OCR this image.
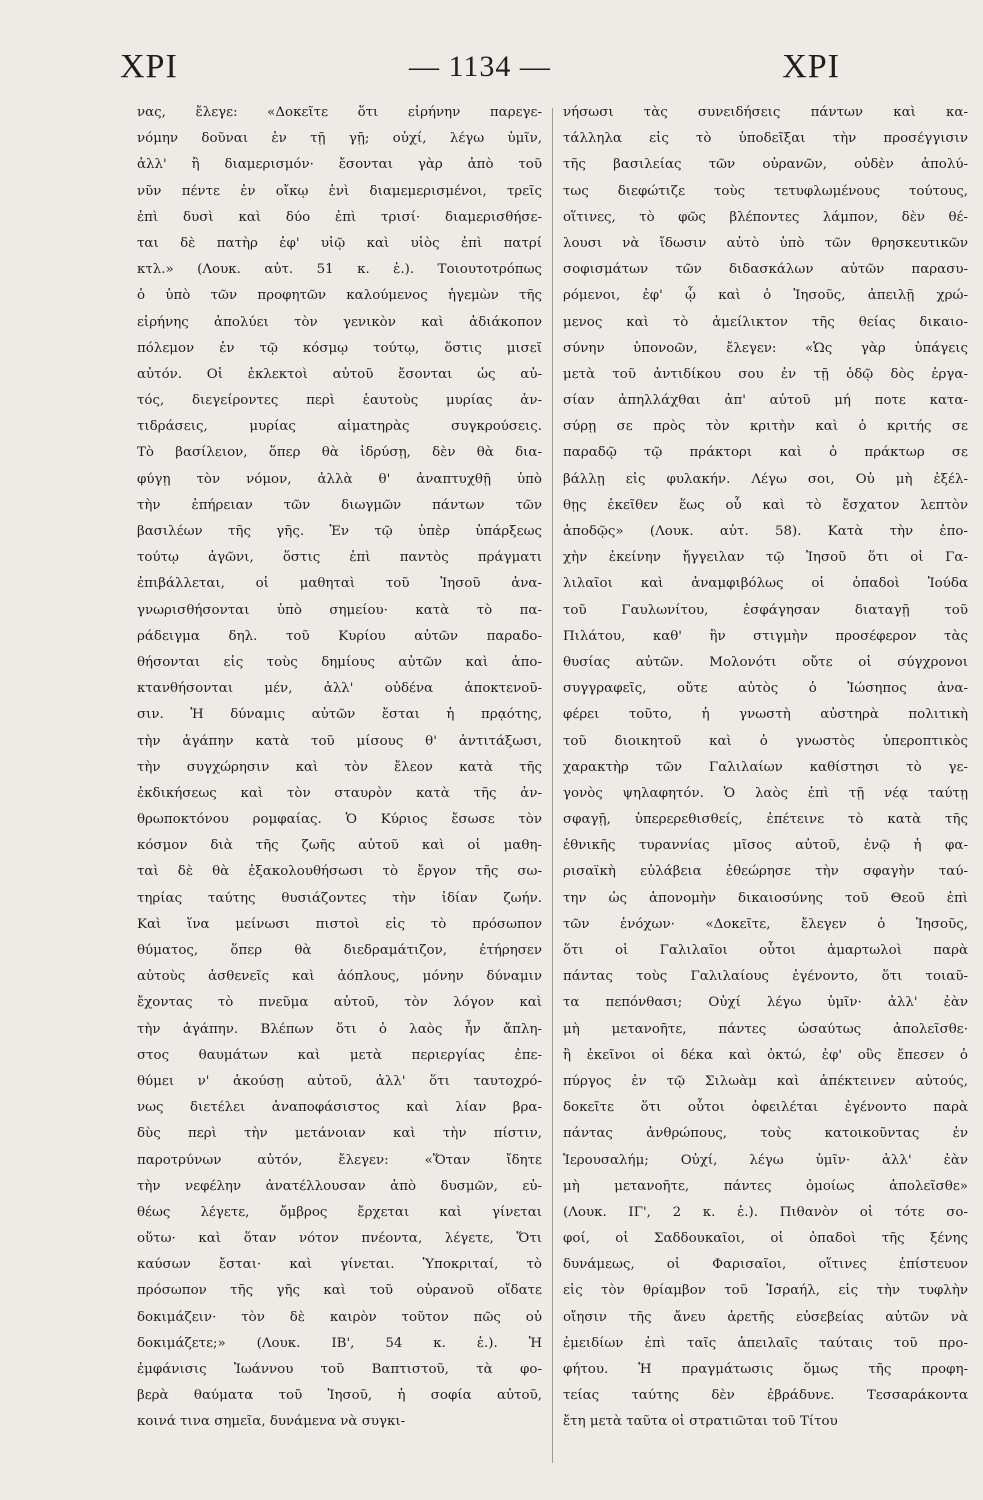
ΧΡΙ	— 1134 —	ΧΡΙ
νας, ἔλεγε: «Δοκεῖτε ὅτι εἰρήνην παρεγε-
νόμην δοῦναι ἐν τῇ γῇ; οὐχί, λέγω ὑμῖν,
ἀλλ' ἢ διαμερισμόν· ἔσονται γὰρ ἀπὸ τοῦ
νῦν πέντε ἐν οἴκῳ ἑνὶ διαμεμερισμένοι, τρεῖς
ἐπὶ δυσὶ καὶ δύο ἐπὶ τρισί· διαμερισθήσε-
ται δὲ πατὴρ ἐφ' υἱῷ καὶ υἱὸς ἐπὶ πατρί
κτλ.» (Λουκ. αὐτ. 51 κ. ἑ.). Τοιουτοτρόπως
ὁ ὑπὸ τῶν προφητῶν καλούμενος ἡγεμὼν τῆς
εἰρήνης ἀπολύει τὸν γενικὸν καὶ ἀδιάκοπον
πόλεμον ἐν τῷ κόσμῳ τούτῳ, ὅστις μισεῖ
αὐτόν. Οἱ ἐκλεκτοὶ αὐτοῦ ἔσονται ὡς αὐ-
τός, διεγείροντες περὶ ἑαυτοὺς μυρίας ἀν-
τιδράσεις, μυρίας αἱματηρὰς συγκρούσεις.
Τὸ βασίλειον, ὅπερ θὰ ἱδρύσῃ, δὲν θὰ δια-
φύγῃ τὸν νόμον, ἀλλὰ θ' ἀναπτυχθῇ ὑπὸ
τὴν ἐπήρειαν τῶν διωγμῶν πάντων τῶν
βασιλέων τῆς γῆς. Ἐν τῷ ὑπὲρ ὑπάρξεως
τούτῳ ἀγῶνι, ὅστις ἐπὶ παντὸς πράγματι
ἐπιβάλλεται, οἱ μαθηταὶ τοῦ Ἰησοῦ ἀνα-
γνωρισθήσονται ὑπὸ σημείου· κατὰ τὸ πα-
ράδειγμα δηλ. τοῦ Κυρίου αὐτῶν παραδο-
θήσονται εἰς τοὺς δημίους αὐτῶν καὶ ἀπο-
κτανθήσονται μέν, ἀλλ' οὐδένα ἀποκτενοῦ-
σιν. Ἡ δύναμις αὐτῶν ἔσται ἡ πρᾳότης,
τὴν ἀγάπην κατὰ τοῦ μίσους θ' ἀντιτάξωσι,
τὴν συγχώρησιν καὶ τὸν ἔλεον κατὰ τῆς
ἐκδικήσεως καὶ τὸν σταυρὸν κατὰ τῆς ἀν-
θρωποκτόνου ρομφαίας. Ὁ Κύριος ἔσωσε τὸν
κόσμον διὰ τῆς ζωῆς αὐτοῦ καὶ οἱ μαθη-
ταὶ δὲ θὰ ἐξακολουθήσωσι τὸ ἔργον τῆς σω-
τηρίας ταύτης θυσιάζοντες τὴν ἰδίαν ζωήν.
Καὶ ἵνα μείνωσι πιστοὶ εἰς τὸ πρόσωπον
θύματος, ὅπερ θὰ διεδραμάτιζον, ἐτήρησεν
αὐτοὺς ἀσθενεῖς καὶ ἀόπλους, μόνην δύναμιν
ἔχοντας τὸ πνεῦμα αὐτοῦ, τὸν λόγον καὶ
τὴν ἀγάπην. Βλέπων ὅτι ὁ λαὸς ἦν ἄπλη-
στος θαυμάτων καὶ μετὰ περιεργίας ἐπε-
θύμει ν' ἀκούσῃ αὐτοῦ, ἀλλ' ὅτι ταυτοχρό-
νως διετέλει ἀναποφάσιστος καὶ λίαν βρα-
δὺς περὶ τὴν μετάνοιαν καὶ τὴν πίστιν,
παροτρύνων αὐτόν, ἔλεγεν: «Ὅταν ἴδητε
τὴν νεφέλην ἀνατέλλουσαν ἀπὸ δυσμῶν, εὐ-
θέως λέγετε, ὄμβρος ἔρχεται καὶ γίνεται
οὕτω· καὶ ὅταν νότον πνέοντα, λέγετε, Ὅτι
καύσων ἔσται· καὶ γίνεται. Ὑποκριταί, τὸ
πρόσωπον τῆς γῆς καὶ τοῦ οὐρανοῦ οἴδατε
δοκιμάζειν· τὸν δὲ καιρὸν τοῦτον πῶς οὐ
δοκιμάζετε;» (Λουκ. ΙΒ', 54 κ. ἑ.). Ἡ
ἐμφάνισις Ἰωάννου τοῦ Βαπτιστοῦ, τὰ φο-
βερὰ θαύματα τοῦ Ἰησοῦ, ἡ σοφία αὐτοῦ,
κοινά τινα σημεῖα, δυνάμενα νὰ συγκι-
νήσωσι τὰς συνειδήσεις πάντων καὶ κα-
τάλληλα εἰς τὸ ὑποδεῖξαι τὴν προσέγγισιν
τῆς βασιλείας τῶν οὐρανῶν, οὐδὲν ἀπολύ-
τως διεφώτιζε τοὺς τετυφλωμένους τούτους,
οἵτινες, τὸ φῶς βλέποντες λάμπον, δὲν θέ-
λουσι νὰ ἴδωσιν αὐτὸ ὑπὸ τῶν θρησκευτικῶν
σοφισμάτων τῶν διδασκάλων αὐτῶν παρασυ-
ρόμενοι, ἐφ' ᾧ καὶ ὁ Ἰησοῦς, ἀπειλῇ χρώ-
μενος καὶ τὸ ἀμείλικτον τῆς θείας δικαιο-
σύνην ὑπονοῶν, ἔλεγεν: «Ὡς γὰρ ὑπάγεις
μετὰ τοῦ ἀντιδίκου σου ἐν τῇ ὁδῷ δὸς ἐργα-
σίαν ἀπηλλάχθαι ἀπ' αὐτοῦ μή ποτε κατα-
σύρῃ σε πρὸς τὸν κριτὴν καὶ ὁ κριτής σε
παραδῷ τῷ πράκτορι καὶ ὁ πράκτωρ σε
βάλλῃ εἰς φυλακήν. Λέγω σοι, Οὐ μὴ ἐξέλ-
θῃς ἐκεῖθεν ἕως οὗ καὶ τὸ ἔσχατον λεπτὸν
ἀποδῷς» (Λουκ. αὐτ. 58). Κατὰ τὴν ἐπο-
χὴν ἐκείνην ἤγγειλαν τῷ Ἰησοῦ ὅτι οἱ Γα-
λιλαῖοι καὶ ἀναμφιβόλως οἱ ὀπαδοὶ Ἰούδα
τοῦ Γαυλωνίτου, ἐσφάγησαν διαταγῇ τοῦ
Πιλάτου, καθ' ἣν στιγμὴν προσέφερον τὰς
θυσίας αὐτῶν. Μολονότι οὔτε οἱ σύγχρονοι
συγγραφεῖς, οὔτε αὐτὸς ὁ Ἰώσηπος ἀνα-
φέρει τοῦτο, ἡ γνωστὴ αὐστηρὰ πολιτικὴ
τοῦ διοικητοῦ καὶ ὁ γνωστὸς ὑπεροπτικὸς
χαρακτὴρ τῶν Γαλιλαίων καθίστησι τὸ γε-
γονὸς ψηλαφητόν. Ὁ λαὸς ἐπὶ τῇ νέᾳ ταύτῃ
σφαγῇ, ὑπερερεθισθείς, ἐπέτεινε τὸ κατὰ τῆς
ἐθνικῆς τυραννίας μῖσος αὐτοῦ, ἐνῷ ἡ φα-
ρισαϊκὴ εὐλάβεια ἐθεώρησε τὴν σφαγὴν ταύ-
την ὡς ἀπονομὴν δικαιοσύνης τοῦ Θεοῦ ἐπὶ
τῶν ἐνόχων· «Δοκεῖτε, ἔλεγεν ὁ Ἰησοῦς,
ὅτι οἱ Γαλιλαῖοι οὗτοι ἁμαρτωλοὶ παρὰ
πάντας τοὺς Γαλιλαίους ἐγένοντο, ὅτι τοιαῦ-
τα πεπόνθασι; Οὐχί λέγω ὑμῖν· ἀλλ' ἐὰν
μὴ μετανοῆτε, πάντες ὡσαύτως ἀπολεῖσθε·
ἢ ἐκεῖνοι οἱ δέκα καὶ ὀκτώ, ἐφ' οὓς ἔπεσεν ὁ
πύργος ἐν τῷ Σιλωὰμ καὶ ἀπέκτεινεν αὐτούς,
δοκεῖτε ὅτι οὗτοι ὀφειλέται ἐγένοντο παρὰ
πάντας ἀνθρώπους, τοὺς κατοικοῦντας ἐν
Ἱερουσαλήμ; Οὐχί, λέγω ὑμῖν· ἀλλ' ἐὰν
μὴ μετανοῆτε, πάντες ὁμοίως ἀπολεῖσθε»
(Λουκ. ΙΓ', 2 κ. ἑ.). Πιθανὸν οἱ τότε σο-
φοί, οἱ Σαδδουκαῖοι, οἱ ὀπαδοὶ τῆς ξένης
δυνάμεως, οἱ Φαρισαῖοι, οἵτινες ἐπίστευον
εἰς τὸν θρίαμβον τοῦ Ἰσραήλ, εἰς τὴν τυφλὴν
οἴησιν τῆς ἄνευ ἀρετῆς εὐσεβείας αὐτῶν νὰ
ἐμειδίων ἐπὶ ταῖς ἀπειλαῖς ταύταις τοῦ προ-
φήτου. Ἡ πραγμάτωσις ὅμως τῆς προφη-
τείας ταύτης δὲν ἐβράδυνε. Τεσσαράκοντα
ἔτη μετὰ ταῦτα οἱ στρατιῶται τοῦ Τίτου
